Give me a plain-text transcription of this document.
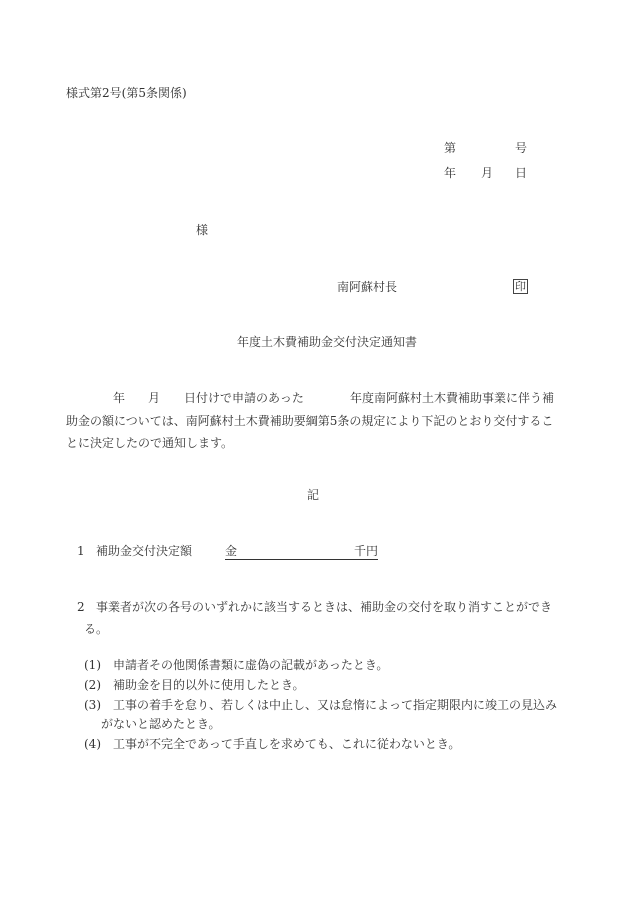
様式第2号(第5条関係)
第	号
年 月 日
様
南阿蘇村長	印
年度土木費補助金交付決定通知書
年 月 日付けで申請のあった	年度南阿蘇村土木費補助事業に伴う補
助金の額については、南阿蘇村土木費補助要綱第5条の規定により下記のとおり交付するこ
とに決定したので通知します。
記
1 補助金交付決定額	金	千円
2 事業者が次の各号のいずれかに該当するときは、補助金の交付を取り消すことができ
る。
(1) 申請者その他関係書類に虚偽の記載があったとき。
(2) 補助金を目的以外に使用したとき。
(3) 工事の着手を怠り、若しくは中止し、又は怠惰によって指定期限内に竣工の見込み
がないと認めたとき。
(4) 工事が不完全であって手直しを求めても、これに従わないとき。
